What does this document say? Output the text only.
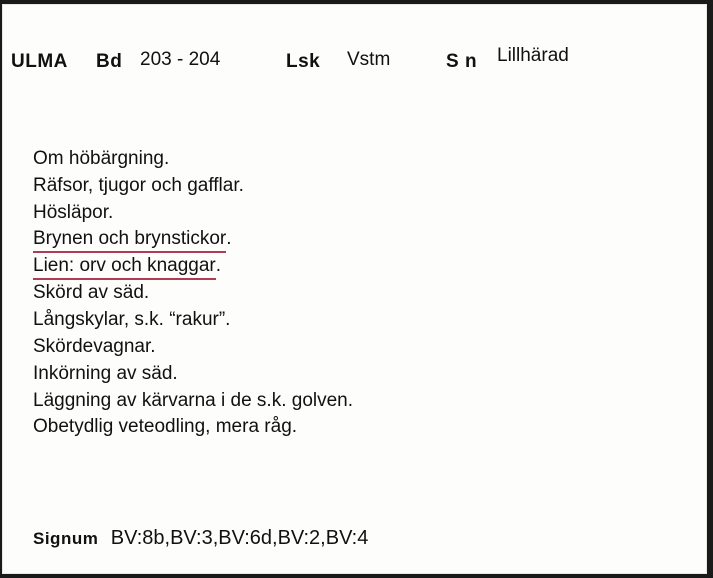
ULMA Bd 203 - 204	Lsk Vstm	S n Lillhärad
Om höbärgning.
Räfsor, tjugor och gafflar.
Hösläpor.
Brynen och brynstickor.
Lien: orv och knaggar.
Skörd av säd.
Långskylar, s.k. “rakur”.
Skördevagnar.
Inkörning av säd.
Läggning av kärvarna i de s.k. golven.
Obetydlig veteodling, mera råg.
Signum BV:8b,BV:3,BV:6d,BV:2,BV:4
